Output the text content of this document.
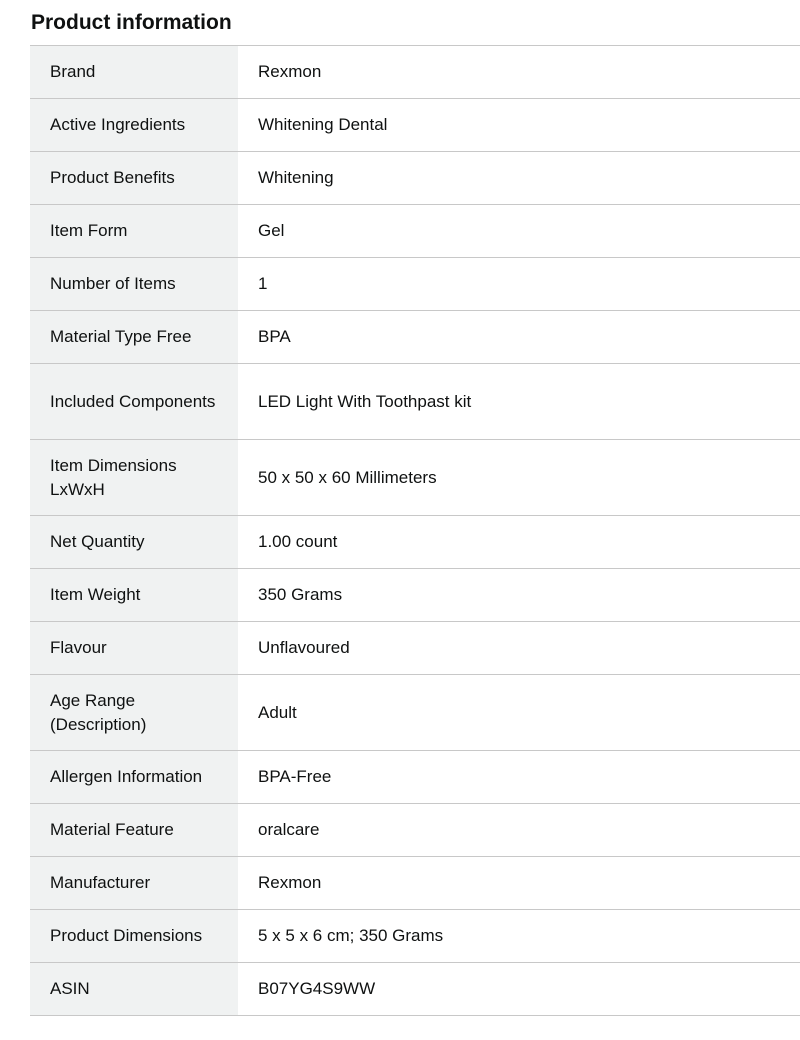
Product information
Brand	Rexmon
Active Ingredients	Whitening Dental
Product Benefits	Whitening
Item Form	Gel
Number of Items	1
Material Type Free	BPA
Included Components	LED Light With Toothpast kit
Item Dimensions LxWxH	50 x 50 x 60 Millimeters
Net Quantity	1.00 count
Item Weight	350 Grams
Flavour	Unflavoured
Age Range (Description)	Adult
Allergen Information	BPA-Free
Material Feature	oralcare
Manufacturer	Rexmon
Product Dimensions	5 x 5 x 6 cm; 350 Grams
ASIN	B07YG4S9WW
